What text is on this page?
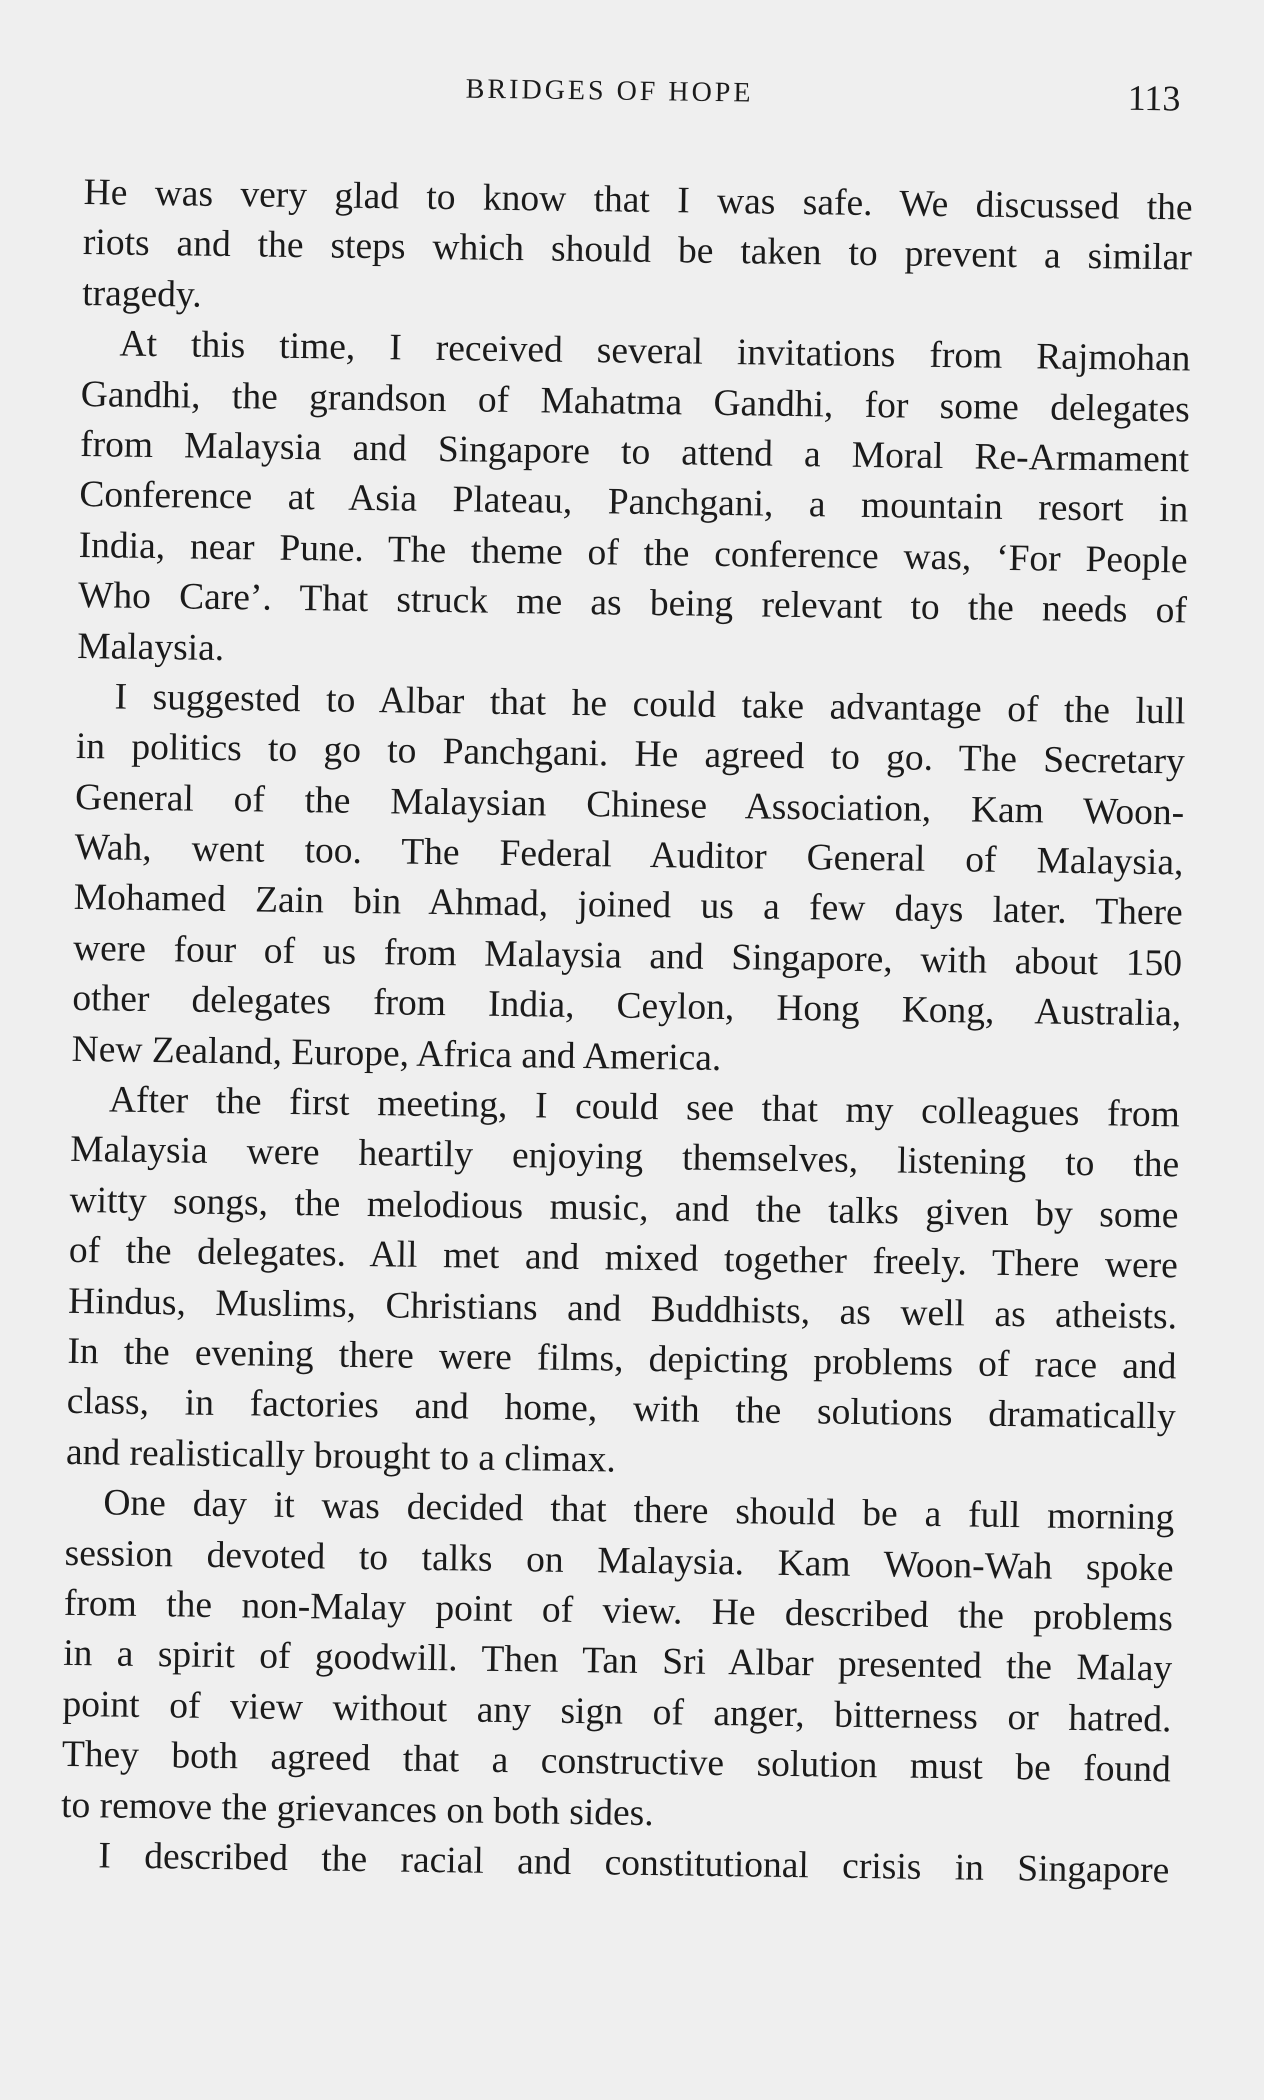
BRIDGES OF HOPE	113
He was very glad to know that I was safe. We discussed the
riots and the steps which should be taken to prevent a similar
tragedy.
At this time, I received several invitations from Rajmohan
Gandhi, the grandson of Mahatma Gandhi, for some delegates
from Malaysia and Singapore to attend a Moral Re-Armament
Conference at Asia Plateau, Panchgani, a mountain resort in
India, near Pune. The theme of the conference was, ‘For People
Who Care’. That struck me as being relevant to the needs of
Malaysia.
I suggested to Albar that he could take advantage of the lull
in politics to go to Panchgani. He agreed to go. The Secretary
General of the Malaysian Chinese Association, Kam Woon-
Wah, went too. The Federal Auditor General of Malaysia,
Mohamed Zain bin Ahmad, joined us a few days later. There
were four of us from Malaysia and Singapore, with about 150
other delegates from India, Ceylon, Hong Kong, Australia,
New Zealand, Europe, Africa and America.
After the first meeting, I could see that my colleagues from
Malaysia were heartily enjoying themselves, listening to the
witty songs, the melodious music, and the talks given by some
of the delegates. All met and mixed together freely. There were
Hindus, Muslims, Christians and Buddhists, as well as atheists.
In the evening there were films, depicting problems of race and
class, in factories and home, with the solutions dramatically
and realistically brought to a climax.
One day it was decided that there should be a full morning
session devoted to talks on Malaysia. Kam Woon-Wah spoke
from the non-Malay point of view. He described the problems
in a spirit of goodwill. Then Tan Sri Albar presented the Malay
point of view without any sign of anger, bitterness or hatred.
They both agreed that a constructive solution must be found
to remove the grievances on both sides.
I described the racial and constitutional crisis in Singapore
